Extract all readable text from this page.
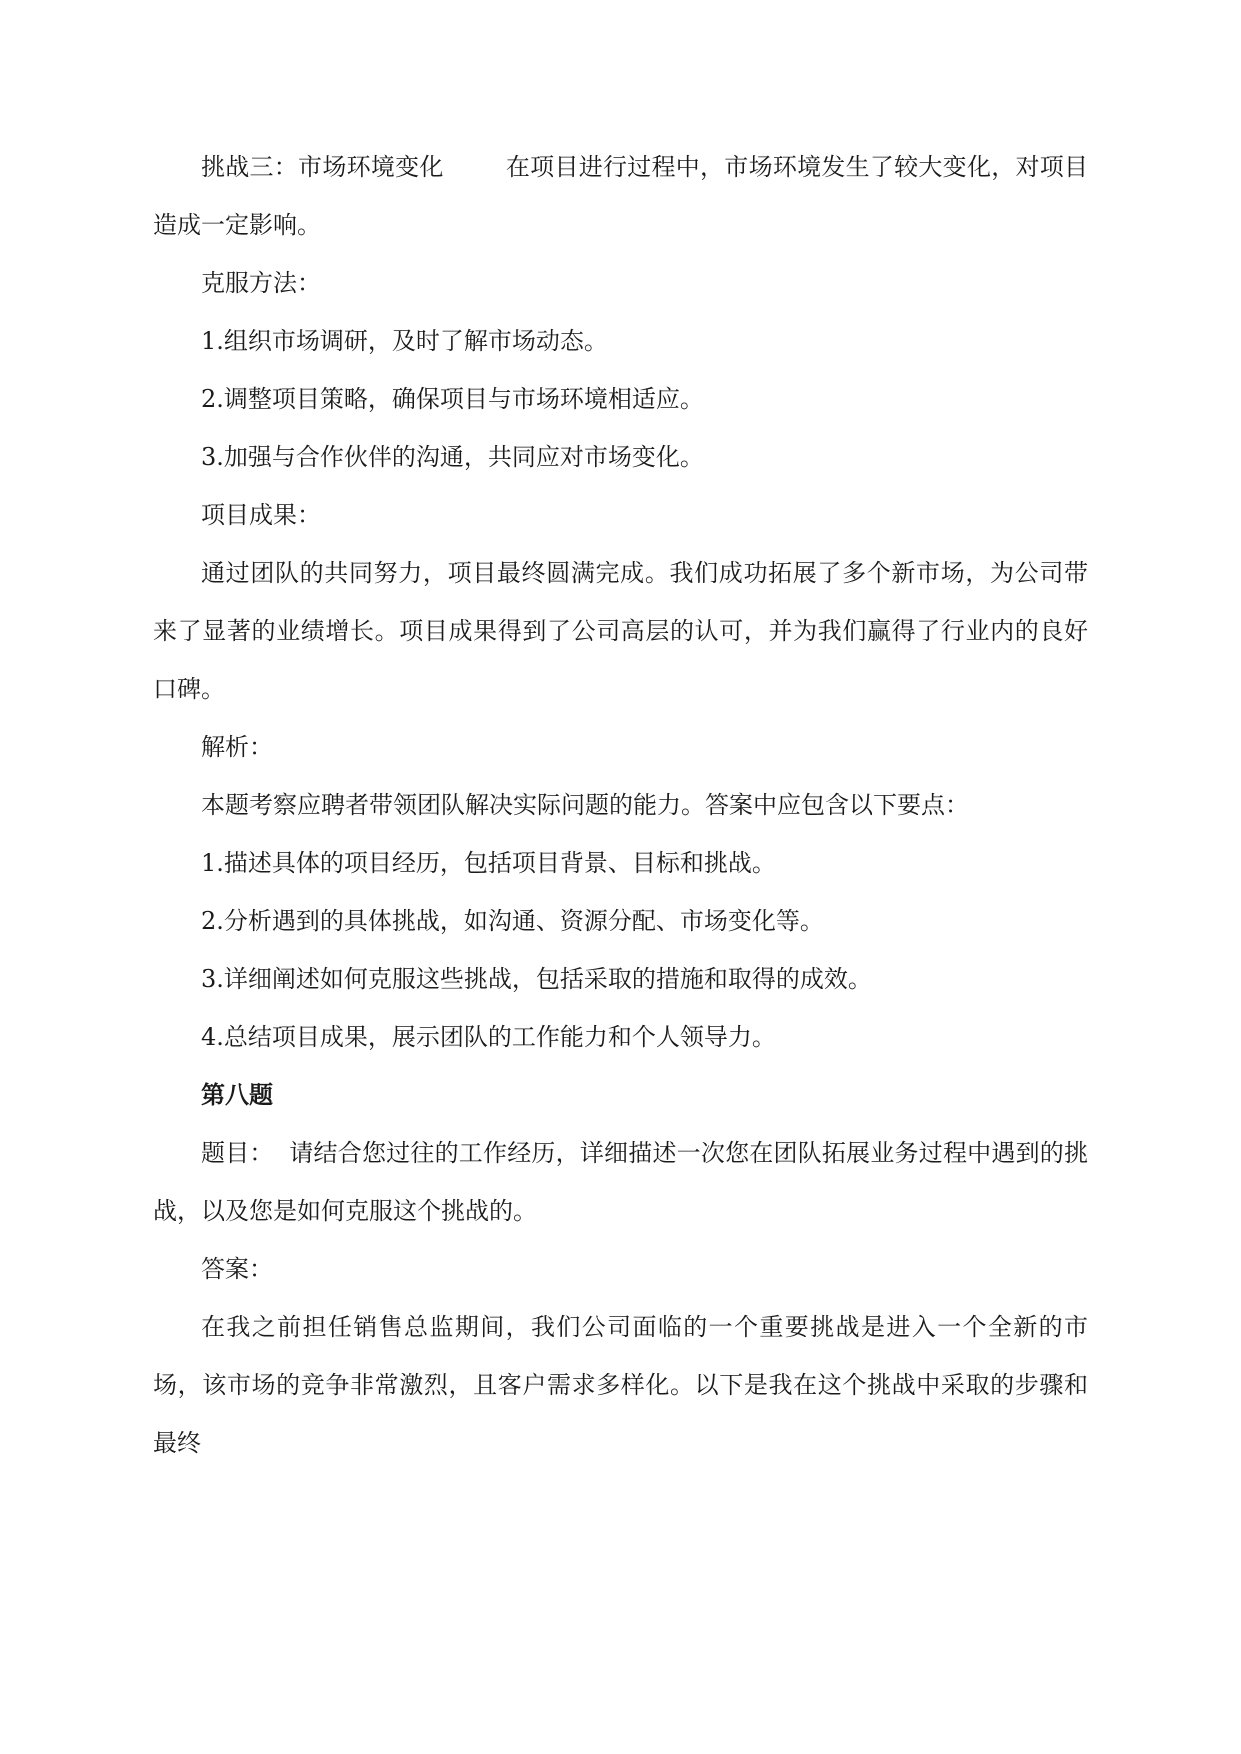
挑战三：市场环境变化	在项目进行过程中，市场环境发生了较大变化，对项目造成一定影响。

克服方法：

1.组织市场调研，及时了解市场动态。

2.调整项目策略，确保项目与市场环境相适应。

3.加强与合作伙伴的沟通，共同应对市场变化。

项目成果：

通过团队的共同努力，项目最终圆满完成。我们成功拓展了多个新市场，为公司带来了显著的业绩增长。项目成果得到了公司高层的认可，并为我们赢得了行业内的良好口碑。

解析：

本题考察应聘者带领团队解决实际问题的能力。答案中应包含以下要点：

1.描述具体的项目经历，包括项目背景、目标和挑战。

2.分析遇到的具体挑战，如沟通、资源分配、市场变化等。

3.详细阐述如何克服这些挑战，包括采取的措施和取得的成效。

4.总结项目成果，展示团队的工作能力和个人领导力。

第八题

题目： 请结合您过往的工作经历，详细描述一次您在团队拓展业务过程中遇到的挑战，以及您是如何克服这个挑战的。

答案：

在我之前担任销售总监期间，我们公司面临的一个重要挑战是进入一个全新的市场，该市场的竞争非常激烈，且客户需求多样化。以下是我在这个挑战中采取的步骤和最终
